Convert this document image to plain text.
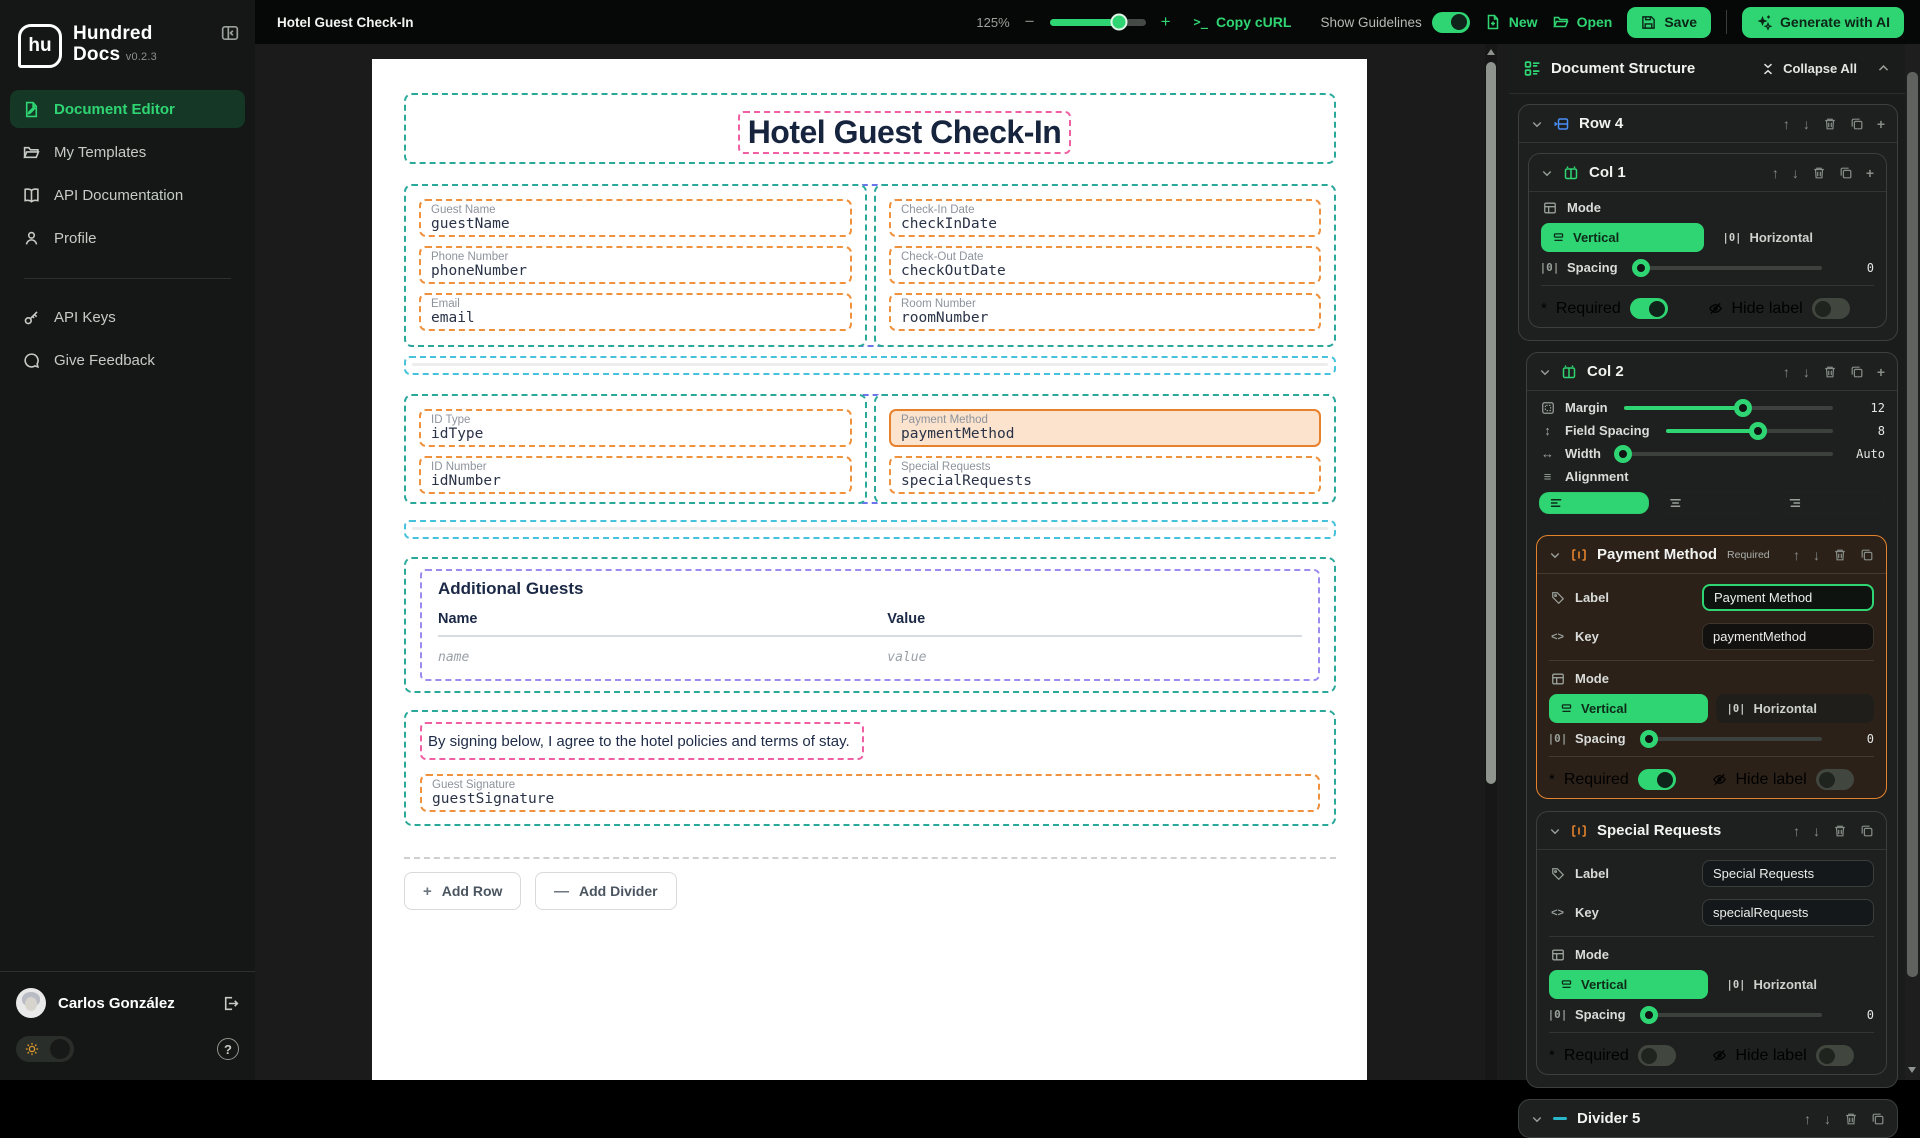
hu
Hundred
Docs v0.2.3
Document Editor
My Templates
API Documentation
Profile
API Keys
Give Feedback
Carlos González
?
Hotel Guest Check-In	125% −	+ >_ Copy cURL Show Guidelines	New	Open	Save	Generate with AI
Hotel Guest Check-In
Guest Name
guestName
Phone Number
phoneNumber
Email
email
Check-In Date
checkInDate
Check-Out Date
checkOutDate
Room Number
roomNumber
ID Type
idType
ID Number
idNumber
Payment Method
paymentMethod
Special Requests
specialRequests
Additional Guests
Name	Value
name	value
By signing below, I agree to the hotel policies and terms of stay.
Guest Signature
guestSignature
+ Add Row	— Add Divider
Document Structure	Collapse All
Row 4	↑ ↓	+
Col 1	↑ ↓	+
Mode
Vertical	|0| Horizontal
|0| Spacing	0
* Required	Hide label
Col 2	↑ ↓	+
Margin	12
↕	Field Spacing	8
↔ Width	Auto
≡	Alignment
Payment Method Required ↑ ↓
Label
Payment Method
<> Key
paymentMethod
Mode
Vertical	|0| Horizontal
|0| Spacing	0
* Required	Hide label
Special Requests	↑ ↓
Label
Special Requests
<> Key
specialRequests
Mode
Vertical	|0| Horizontal
|0| Spacing	0
* Required	Hide label
Divider 5	↑ ↓
